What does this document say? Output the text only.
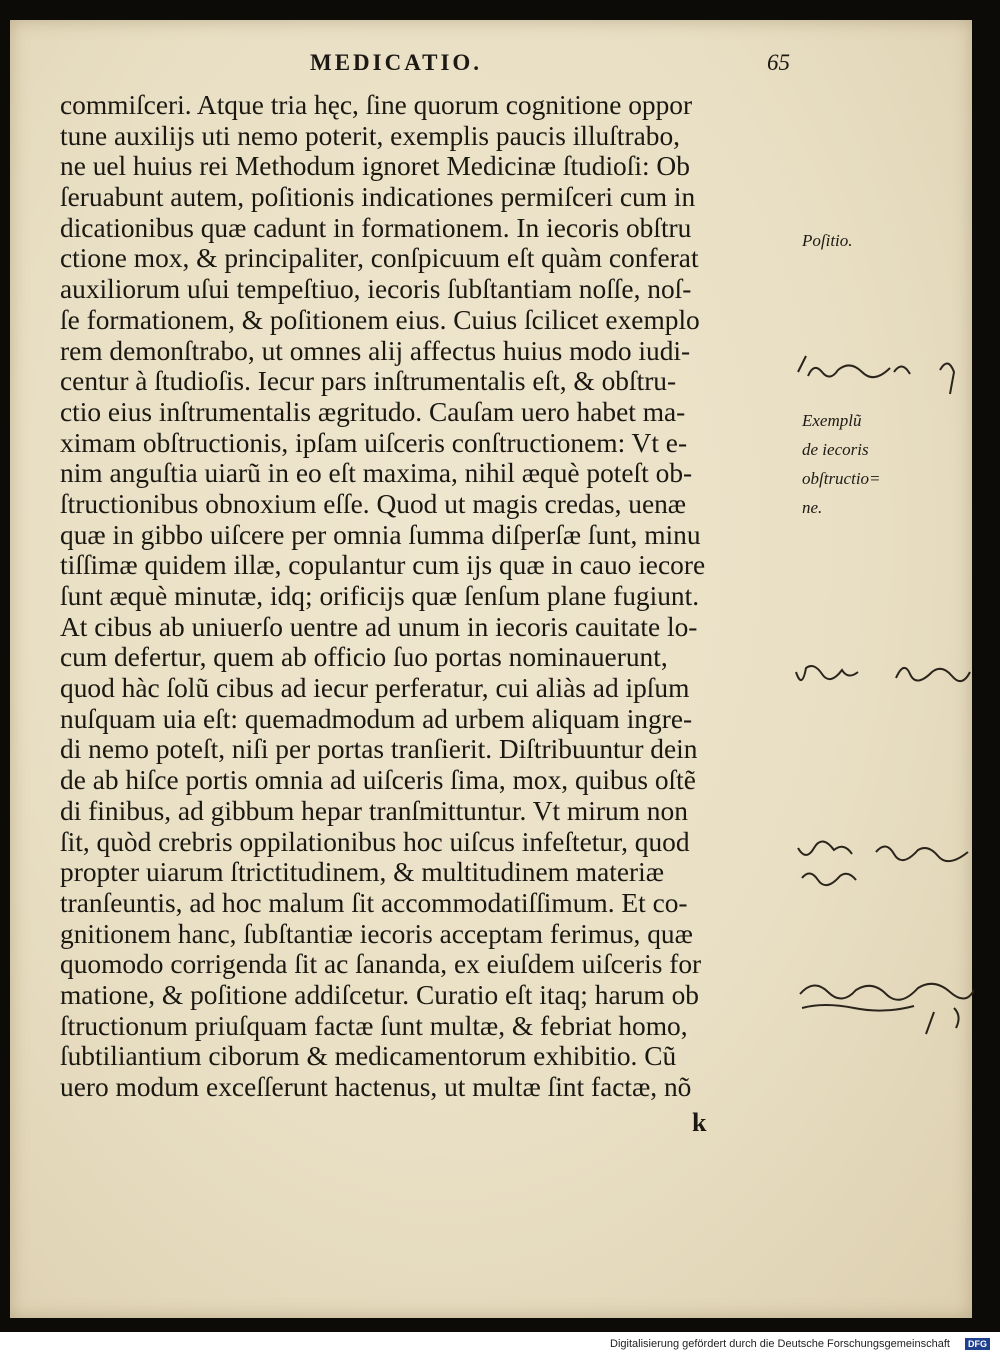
MEDICATIO.	65
commiſceri. Atque tria hęc, ſine quorum cognitione oppor
tune auxilijs uti nemo poterit, exemplis paucis illuſtrabo,
ne uel huius rei Methodum ignoret Medicinæ ſtudioſi: Ob
ſeruabunt autem, poſitionis indicationes permiſceri cum in
dicationibus quæ cadunt in formationem. In iecoris obſtru
ctione mox, & principaliter, conſpicuum eſt quàm conferat
auxiliorum uſui tempeſtiuo, iecoris ſubſtantiam noſſe, noſ-
ſe formationem, & poſitionem eius. Cuius ſcilicet exemplo
rem demonſtrabo, ut omnes alij affectus huius modo iudi-
centur à ſtudioſis. Iecur pars inſtrumentalis eſt, & obſtru-
ctio eius inſtrumentalis ægritudo. Cauſam uero habet ma-
ximam obſtructionis, ipſam uiſceris conſtructionem: Vt e-
nim anguſtia uiarũ in eo eſt maxima, nihil æquè poteſt ob-
ſtructionibus obnoxium eſſe. Quod ut magis credas, uenæ
quæ in gibbo uiſcere per omnia ſumma diſperſæ ſunt, minu
tiſſimæ quidem illæ, copulantur cum ijs quæ in cauo iecore
ſunt æquè minutæ, idq; orificijs quæ ſenſum plane fugiunt.
At cibus ab uniuerſo uentre ad unum in iecoris cauitate lo-
cum defertur, quem ab officio ſuo portas nominauerunt,
quod hàc ſolũ cibus ad iecur perferatur, cui aliàs ad ipſum
nuſquam uia eſt: quemadmodum ad urbem aliquam ingre-
di nemo poteſt, niſi per portas tranſierit. Diſtribuuntur dein
de ab hiſce portis omnia ad uiſceris ſima, mox, quibus oſtẽ
di finibus, ad gibbum hepar tranſmittuntur. Vt mirum non
ſit, quòd crebris oppilationibus hoc uiſcus infeſtetur, quod
propter uiarum ſtrictitudinem, & multitudinem materiæ
tranſeuntis, ad hoc malum ſit accommodatiſſimum. Et co-
gnitionem hanc, ſubſtantiæ iecoris acceptam ferimus, quæ
quomodo corrigenda ſit ac ſananda, ex eiuſdem uiſceris for
matione, & poſitione addiſcetur. Curatio eſt itaq; harum ob
ſtructionum priuſquam factæ ſunt multæ, & febriat homo,
ſubtiliantium ciborum & medicamentorum exhibitio. Cũ
uero modum exceſſerunt hactenus, ut multæ ſint factæ, nõ
k
Poſitio.
Exemplũ
de iecoris
obſtructio=
ne.
Digitalisierung gefördert durch die Deutsche Forschungsgemeinschaft	DFG
